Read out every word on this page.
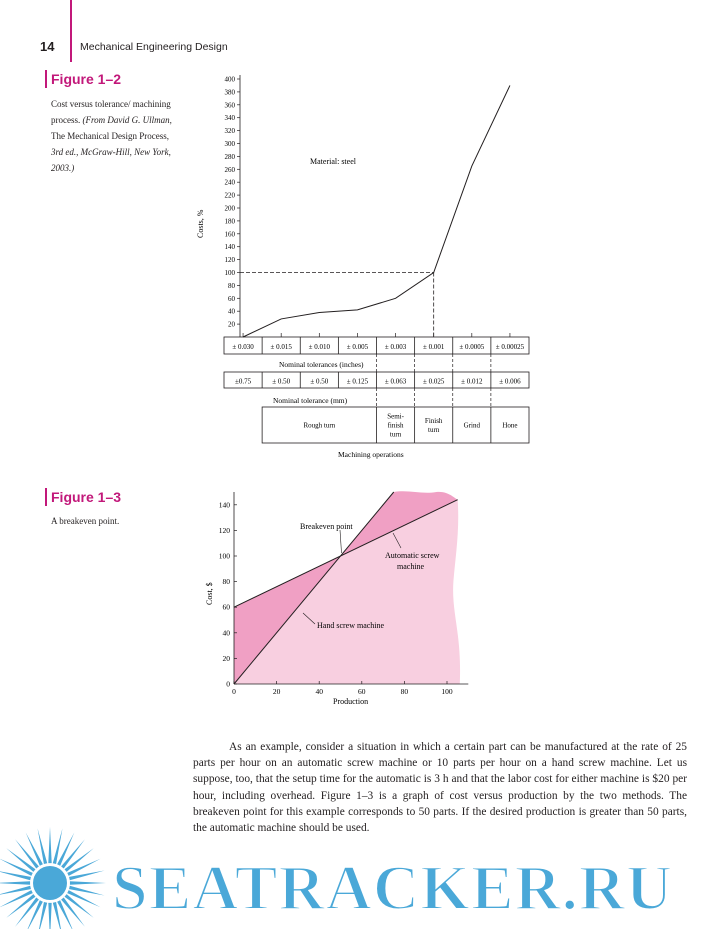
14 Mechanical Engineering Design
Figure 1–2
Cost versus tolerance/ machining process. (From David G. Ullman, The Mechanical Design Process, 3rd ed., McGraw-Hill, New York, 2003.)
20
40
60
80
100
120
140
160
180
200
220
240
260
280
300
320
340
360
380
400
± 0.030 ± 0.015 ± 0.010 ± 0.005 ± 0.003 ± 0.001 ± 0.0005 ± 0.00025
±0.75	± 0.50	± 0.50	± 0.125 ± 0.063 ± 0.025 ± 0.012 ± 0.006
Rough turn
Semi-finish turn
Finish turn
Grind	Hone
Costs, %
Material: steel
Nominal tolerances (inches)
Nominal tolerance (mm)
Machining operations
Figure 1–3
A breakeven point.
0
20
40
60
80
100
120
140
0	20	40	60	80	100
Production
Cost, $
Breakeven point
Automatic screw
machine
Hand screw machine
As an example, consider a situation in which a certain part can be manufactured at the rate of 25 parts per hour on an automatic screw machine or 10 parts per hour on a hand screw machine. Let us suppose, too, that the setup time for the automatic is 3 h and that the labor cost for either machine is $20 per hour, including overhead. Figure 1–3 is a graph of cost versus production by the two methods. The breakeven point for this example corresponds to 50 parts. If the desired production is greater than 50 parts, the automatic machine should be used.
SEATRACKER.RU
